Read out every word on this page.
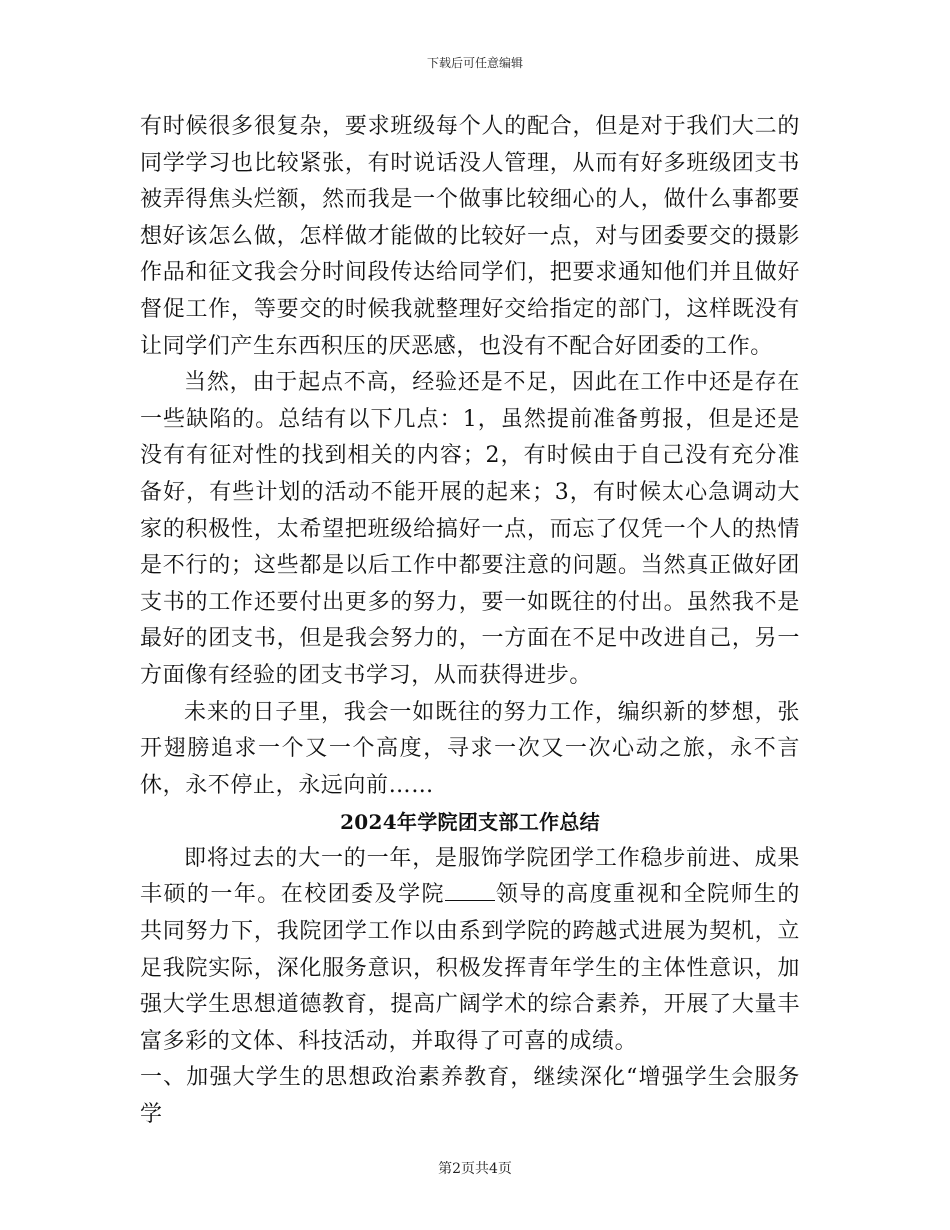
下载后可任意编辑

有时候很多很复杂，要求班级每个人的配合，但是对于我们大二的同学学习也比较紧张，有时说话没人管理，从而有好多班级团支书被弄得焦头烂额，然而我是一个做事比较细心的人，做什么事都要想好该怎么做，怎样做才能做的比较好一点，对与团委要交的摄影作品和征文我会分时间段传达给同学们，把要求通知他们并且做好督促工作，等要交的时候我就整理好交给指定的部门，这样既没有让同学们产生东西积压的厌恶感，也没有不配合好团委的工作。

当然，由于起点不高，经验还是不足，因此在工作中还是存在一些缺陷的。总结有以下几点：1，虽然提前准备剪报，但是还是没有有征对性的找到相关的内容；2，有时候由于自己没有充分准备好，有些计划的活动不能开展的起来；3，有时候太心急调动大家的积极性，太希望把班级给搞好一点，而忘了仅凭一个人的热情是不行的；这些都是以后工作中都要注意的问题。当然真正做好团支书的工作还要付出更多的努力，要一如既往的付出。虽然我不是最好的团支书，但是我会努力的，一方面在不足中改进自己，另一方面像有经验的团支书学习，从而获得进步。

未来的日子里，我会一如既往的努力工作，编织新的梦想，张开翅膀追求一个又一个高度，寻求一次又一次心动之旅，永不言休，永不停止，永远向前……

2024年学院团支部工作总结

即将过去的大一的一年，是服饰学院团学工作稳步前进、成果丰硕的一年。在校团委及学院 领导的高度重视和全院师生的共同努力下，我院团学工作以由系到学院的跨越式进展为契机，立足我院实际，深化服务意识，积极发挥青年学生的主体性意识，加强大学生思想道德教育，提高广阔学术的综合素养，开展了大量丰富多彩的文体、科技活动，并取得了可喜的成绩。

一、加强大学生的思想政治素养教育，继续深化“增强学生会服务学

第2页共4页
